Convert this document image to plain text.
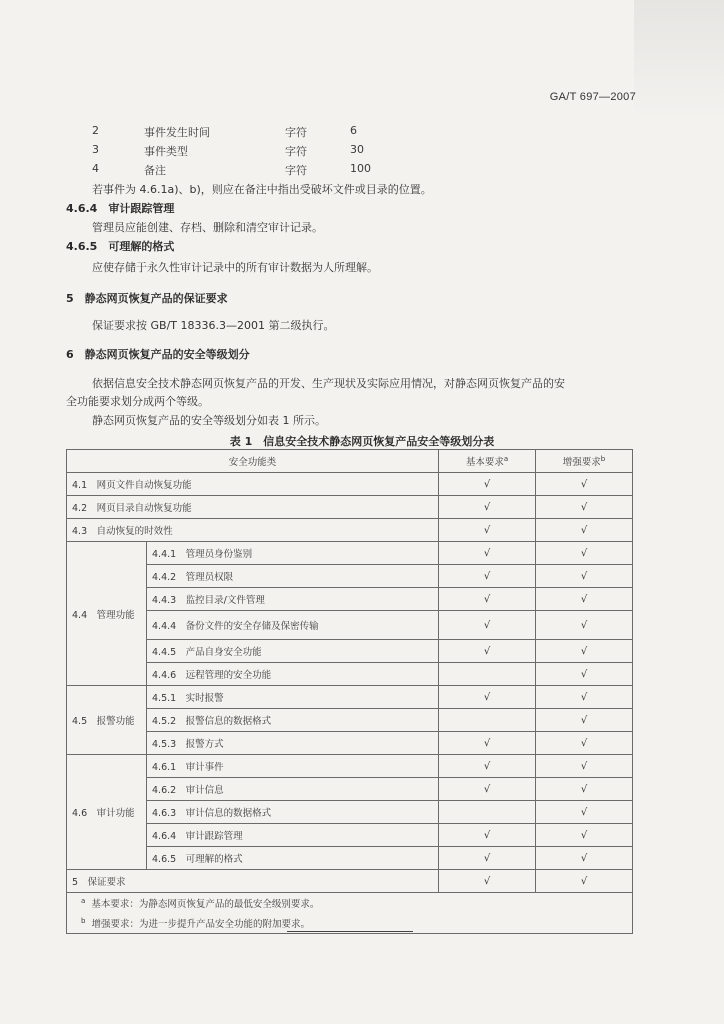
GA/T 697—2007
2	事件发生时间	字符	6
3	事件类型	字符	30
4	备注	字符	100
若事件为 4.6.1a)、b)，则应在备注中指出受破坏文件或目录的位置。
4.6.4　审计跟踪管理
管理员应能创建、存档、删除和清空审计记录。
4.6.5　可理解的格式
应使存储于永久性审计记录中的所有审计数据为人所理解。
5　静态网页恢复产品的保证要求
保证要求按 GB/T 18336.3—2001 第二级执行。
6　静态网页恢复产品的安全等级划分
依据信息安全技术静态网页恢复产品的开发、生产现状及实际应用情况，对静态网页恢复产品的安
全功能要求划分成两个等级。
静态网页恢复产品的安全等级划分如表 1 所示。
表 1　信息安全技术静态网页恢复产品安全等级划分表
安全功能类		基本要求$^a$	增强要求$^b$
4.1　网页文件自动恢复功能		√	√
4.2　网页目录自动恢复功能		√	√
4.3　自动恢复的时效性		√	√
4.4　管理功能	4.4.1　管理员身份鉴别	√	√
	4.4.2　管理员权限	√	√
	4.4.3　监控目录/文件管理	√	√
	4.4.4　备份文件的安全存储及保密传输	√	√
	4.4.5　产品自身安全功能	√	√
	4.4.6　远程管理的安全功能		√
4.5　报警功能	4.5.1　实时报警	√	√
	4.5.2　报警信息的数据格式		√
	4.5.3　报警方式	√	√
4.6　审计功能	4.6.1　审计事件	√	√
	4.6.2　审计信息	√	√
	4.6.3　审计信息的数据格式		√
	4.6.4　审计跟踪管理	√	√
	4.6.5　可理解的格式	√	√
5　保证要求		√	√
$^a$ 基本要求：为静态网页恢复产品的最低安全级别要求。			
$^b$ 增强要求：为进一步提升产品安全功能的附加要求。			
